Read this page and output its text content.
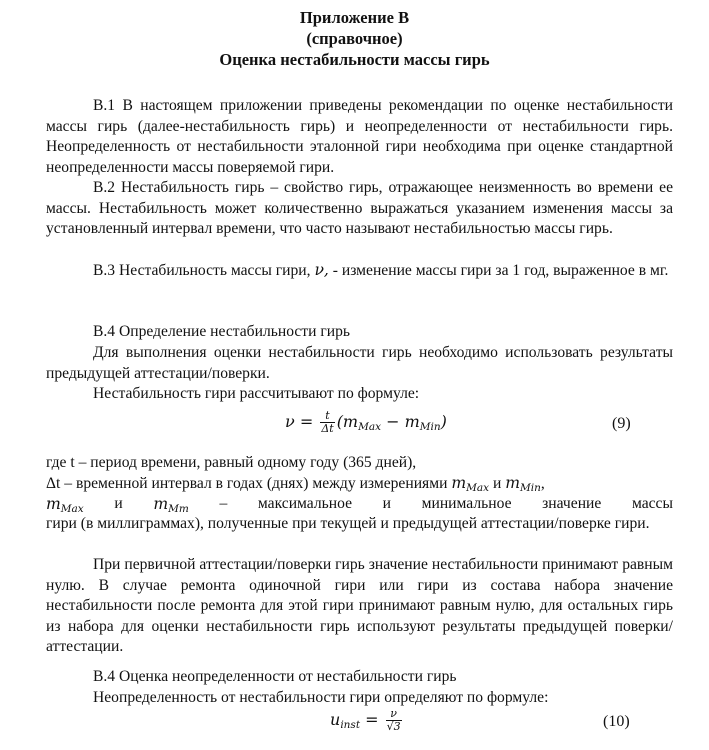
Приложение В
(справочное)
Оценка нестабильности массы гирь

В.1 В настоящем приложении приведены рекомендации по оценке нестабильности массы гирь (далее-нестабильность гирь) и неопределенности от нестабильности гирь. Неопределенность от нестабильности эталонной гири необходима при оценке стандартной неопределенности массы поверяемой гири.

В.2 Нестабильность гирь – свойство гирь, отражающее неизменность во времени ее массы. Нестабильность может количественно выражаться указанием изменения массы за установленный интервал времени, что часто называют нестабильностью массы гирь.

В.3 Нестабильность массы гири, ν, - изменение массы гири за 1 год, выраженное в мг.

В.4 Определение нестабильности гирь

Для выполнения оценки нестабильности гирь необходимо использовать результаты предыдущей аттестации/поверки.

Нестабильность гири рассчитывают по формуле:
$\nu = \frac{t}{\Delta t} (m_{Max} - m_{Min})$	(9)
где t – период времени, равный одному году (365 дней),
Δt – временной интервал в годах (днях) между измерениями $m_{Max}$ и $m_{Min}$,
$m_{Max}$ и $m_{Mm}$ – максимальное и минимальное значение массы

гири (в миллиграммах), полученные при текущей и предыдущей аттестации/поверке гири.

При первичной аттестации/поверки гирь значение нестабильности принимают равным нулю. В случае ремонта одиночной гири или гири из состава набора значение нестабильности после ремонта для этой гири принимают равным нулю, для остальных гирь из набора для оценки нестабильности гирь используют результаты предыдущей поверки/аттестации.

В.4 Оценка неопределенности от нестабильности гирь
Неопределенность от нестабильности гири определяют по формуле:
$u_{inst} = \frac{\nu}{√3}$	(10)
